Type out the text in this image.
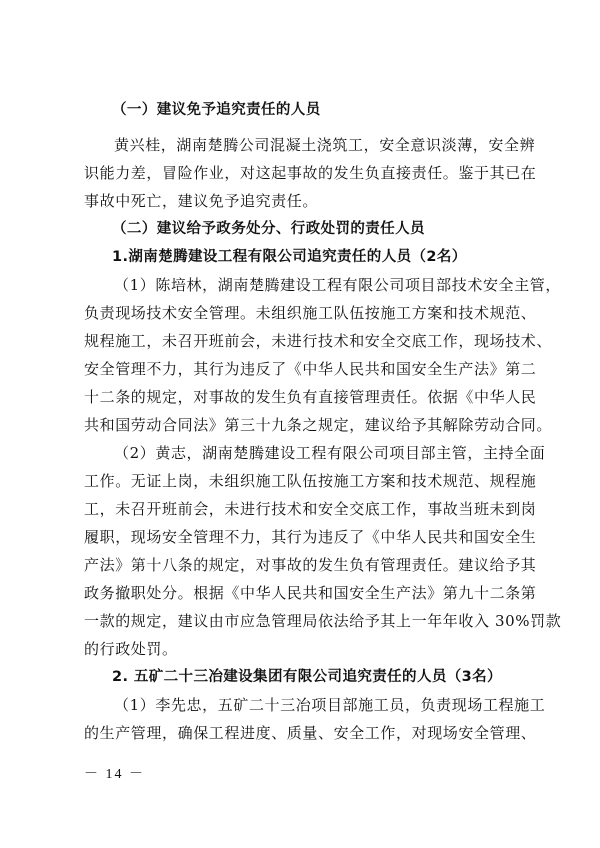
（一）建议免予追究责任的人员
黄兴桂，湖南楚腾公司混凝土浇筑工，安全意识淡薄，安全辨
识能力差，冒险作业，对这起事故的发生负直接责任。鉴于其已在
事故中死亡，建议免予追究责任。
（二）建议给予政务处分、行政处罚的责任人员
1.湖南楚腾建设工程有限公司追究责任的人员（2名）
（1）陈培林，湖南楚腾建设工程有限公司项目部技术安全主管，
负责现场技术安全管理。未组织施工队伍按施工方案和技术规范、
规程施工，未召开班前会，未进行技术和安全交底工作，现场技术、
安全管理不力，其行为违反了《中华人民共和国安全生产法》第二
十二条的规定，对事故的发生负有直接管理责任。依据《中华人民
共和国劳动合同法》第三十九条之规定，建议给予其解除劳动合同。
（2）黄志，湖南楚腾建设工程有限公司项目部主管，主持全面
工作。无证上岗，未组织施工队伍按施工方案和技术规范、规程施
工，未召开班前会，未进行技术和安全交底工作，事故当班未到岗
履职，现场安全管理不力，其行为违反了《中华人民共和国安全生
产法》第十八条的规定，对事故的发生负有管理责任。建议给予其
政务撤职处分。根据《中华人民共和国安全生产法》第九十二条第
一款的规定，建议由市应急管理局依法给予其上一年年收入 30%罚款
的行政处罚。
2. 五矿二十三冶建设集团有限公司追究责任的人员（3名）
（1）李先忠，五矿二十三冶项目部施工员，负责现场工程施工
的生产管理，确保工程进度、质量、安全工作，对现场安全管理、
－ 14 －
